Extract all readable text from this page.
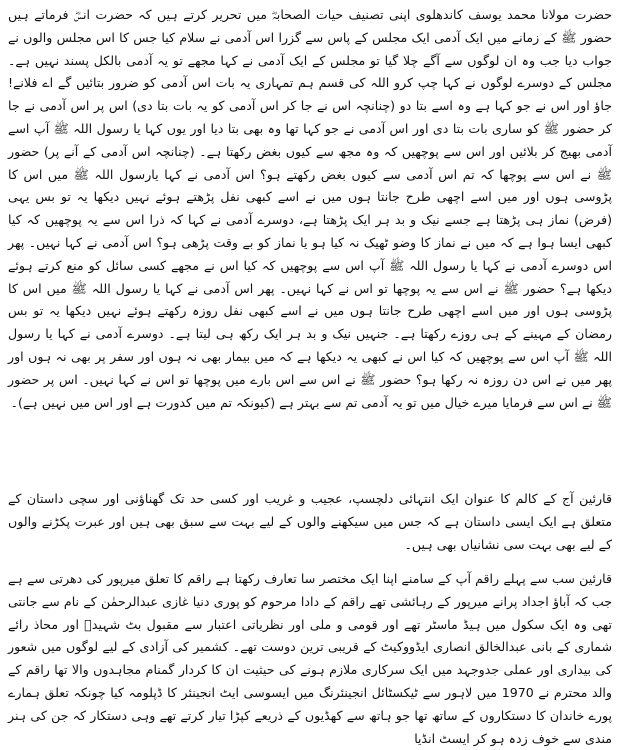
حضرت مولانا محمد یوسف کاندھلوی اپنی تصنیف حیات الصحابہؓ میں تحریر کرتے ہیں کہ حضرت انسؓ فرماتے ہیں حضور ﷺ کے زمانے میں ایک آدمی ایک مجلس کے پاس سے گزرا اس آدمی نے سلام کیا جس کا اس مجلس والوں نے جواب دیا جب وہ ان لوگوں سے آگے چلا گیا تو مجلس کے ایک آدمی نے کہا مجھے تو یہ آدمی بالکل پسند نہیں ہے۔ مجلس کے دوسرے لوگوں نے کہا چپ کرو اللہ کی قسم ہم تمہاری یہ بات اس آدمی کو ضرور بتائیں گے اے فلانے! جاؤ اور اس نے جو کہا ہے وہ اسے بتا دو (چنانچہ اس نے جا کر اس آدمی کو یہ بات بتا دی) اس پر اس آدمی نے جا کر حضور ﷺ کو ساری بات بتا دی اور اس آدمی نے جو کہا تھا وہ بھی بتا دیا اور یوں کہا یا رسول اللہ ﷺ آپ اسے آدمی بھیج کر بلائیں اور اس سے پوچھیں کہ وہ مجھ سے کیوں بغض رکھتا ہے۔ (چنانچہ اس آدمی کے آنے پر) حضور ﷺ نے اس سے پوچھا کہ تم اس آدمی سے کیوں بغض رکھتے ہو؟ اس آدمی نے کہا یارسول اللہ ﷺ میں اس کا پڑوسی ہوں اور میں اسے اچھی طرح جانتا ہوں میں نے اسے کبھی نفل پڑھتے ہوئے نہیں دیکھا یہ تو بس یہی (فرض) نماز ہی پڑھتا ہے جسے نیک و بد ہر ایک پڑھتا ہے، دوسرے آدمی نے کہا کہ ذرا اس سے یہ پوچھیں کہ کیا کبھی ایسا ہوا ہے کہ میں نے نماز کا وضو ٹھیک نہ کیا ہو یا نماز کو بے وقت پڑھی ہو؟ اس آدمی نے کہا نہیں۔ پھر اس دوسرے آدمی نے کہا یا رسول اللہ ﷺ آپ اس سے پوچھیں کہ کیا اس نے مجھے کسی سائل کو منع کرتے ہوئے دیکھا ہے؟ حضور ﷺ نے اس سے یہ پوچھا تو اس نے کہا نہیں۔ پھر اس آدمی نے کہا یا رسول اللہ ﷺ میں اس کا پڑوسی ہوں اور میں اسے اچھی طرح جانتا ہوں میں نے اسے کبھی نفل روزہ رکھتے ہوئے نہیں دیکھا یہ تو بس رمضان کے مہینے کے ہی روزے رکھتا ہے۔ جنہیں نیک و بد ہر ایک رکھ ہی لیتا ہے۔ دوسرے آدمی نے کہا یا رسول اللہ ﷺ آپ اس سے پوچھیں کہ کیا اس نے کبھی یہ دیکھا ہے کہ میں بیمار بھی نہ ہوں اور سفر پر بھی نہ ہوں اور پھر میں نے اس دن روزہ نہ رکھا ہو؟ حضور ﷺ نے اس سے اس بارے میں پوچھا تو اس نے کہا نہیں۔ اس پر حضور ﷺ نے اس سے فرمایا میرے خیال میں تو یہ آدمی تم سے بہتر ہے (کیونکہ تم میں کدورت ہے اور اس میں نہیں ہے)۔

قارئین آج کے کالم کا عنوان ایک انتہائی دلچسپ، عجیب و غریب اور کسی حد تک گھناؤنی اور سچی داستان کے متعلق ہے ایک ایسی داستان ہے کہ جس میں سیکھنے والوں کے لیے بہت سے سبق بھی ہیں اور عبرت پکڑنے والوں کے لیے بھی بہت سی نشانیاں بھی ہیں۔

قارئین سب سے پہلے راقم آپ کے سامنے اپنا ایک مختصر سا تعارف رکھتا ہے راقم کا تعلق میرپور کی دھرتی سے ہے جب کہ آباؤ اجداد پرانے میرپور کے رہائشی تھے راقم کے دادا مرحوم کو پوری دنیا غازی عبدالرحمٰن کے نام سے جانتی تھی وہ ایک سکول میں ہیڈ ماسٹر تھے اور قومی و ملی اور نظریاتی اعتبار سے مقبول بٹ شہیدؒ اور محاذ رائے شماری کے بانی عبدالخالق انصاری ایڈووکیٹ کے قریبی ترین دوست تھے۔ کشمیر کی آزادی کے لیے لوگوں میں شعور کی بیداری اور عملی جدوجہد میں ایک سرکاری ملازم ہونے کی حیثیت ان کا کردار گمنام مجاہدوں والا تھا راقم کے والد محترم نے 1970 میں لاہور سے ٹیکسٹائل انجینئرنگ میں ایسوسی ایٹ انجینئر کا ڈپلومہ کیا چونکہ تعلق ہمارے پورے خاندان کا دستکاروں کے ساتھ تھا جو ہاتھ سے کھڈیوں کے ذریعے کپڑا تیار کرتے تھے وہی دستکار کہ جن کی ہنر مندی سے خوف زدہ ہو کر ایسٹ انڈیا
